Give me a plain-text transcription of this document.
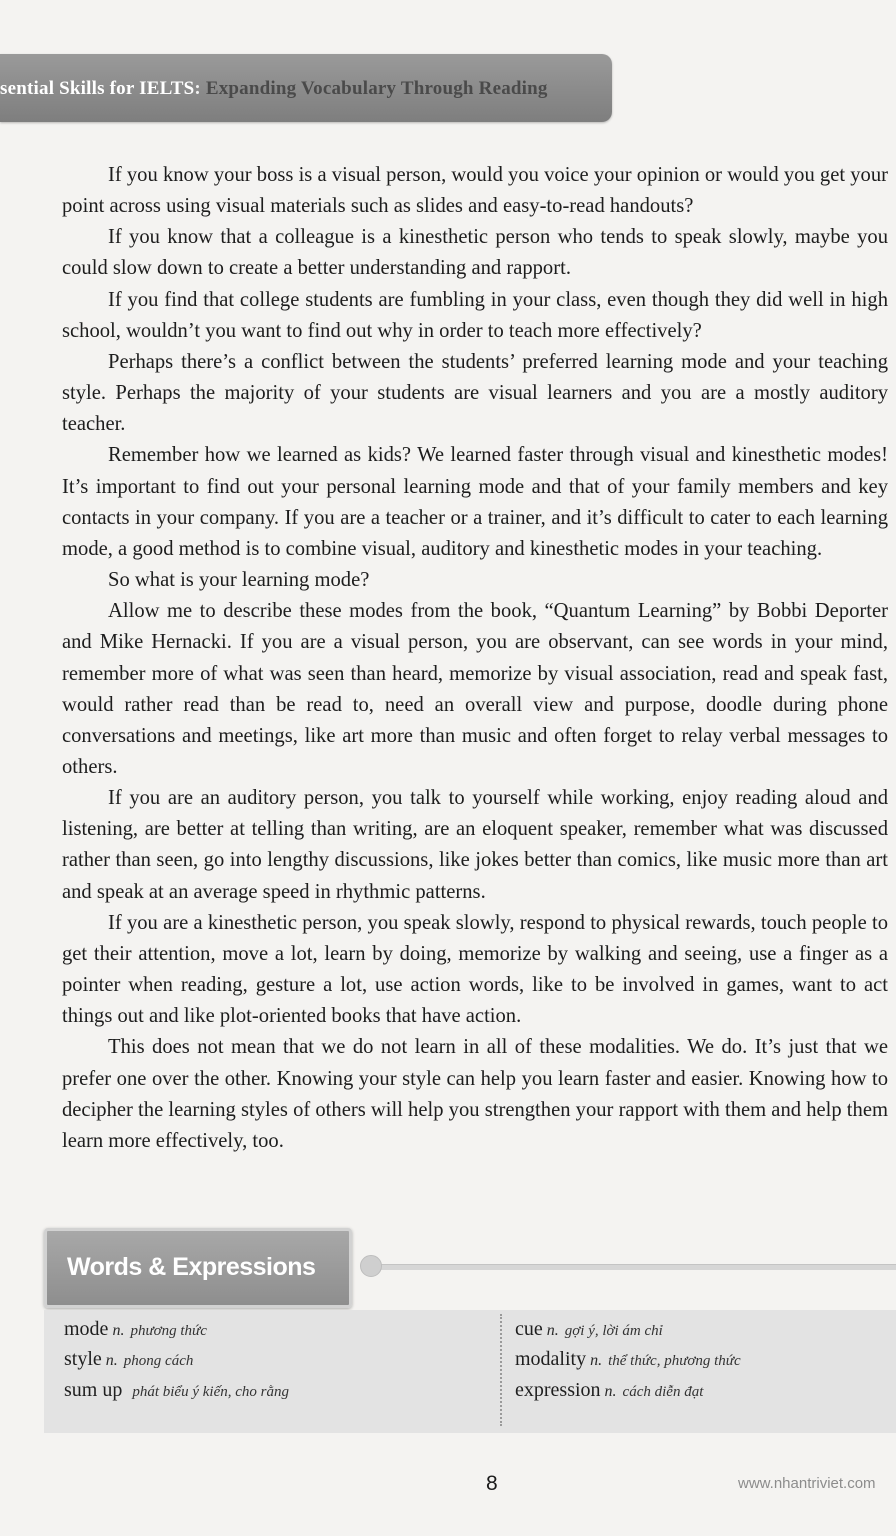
sential Skills for IELTS: Expanding Vocabulary Through Reading

If you know your boss is a visual person, would you voice your opinion or would you get your point across using visual materials such as slides and easy-to-read handouts?

If you know that a colleague is a kinesthetic person who tends to speak slowly, maybe you could slow down to create a better understanding and rapport.

If you find that college students are fumbling in your class, even though they did well in high school, wouldn’t you want to find out why in order to teach more effectively?

Perhaps there’s a conflict between the students’ preferred learning mode and your teaching style. Perhaps the majority of your students are visual learners and you are a mostly auditory teacher.

Remember how we learned as kids? We learned faster through visual and kinesthetic modes! It’s important to find out your personal learning mode and that of your family members and key contacts in your company. If you are a teacher or a trainer, and it’s difficult to cater to each learning mode, a good method is to combine visual, auditory and kinesthetic modes in your teaching.

So what is your learning mode?

Allow me to describe these modes from the book, “Quantum Learning” by Bobbi Deporter and Mike Hernacki. If you are a visual person, you are observant, can see words in your mind, remember more of what was seen than heard, memorize by visual association, read and speak fast, would rather read than be read to, need an overall view and purpose, doodle during phone conversations and meetings, like art more than music and often forget to relay verbal messages to others.

If you are an auditory person, you talk to yourself while working, enjoy reading aloud and listening, are better at telling than writing, are an eloquent speaker, remember what was discussed rather than seen, go into lengthy discussions, like jokes better than comics, like music more than art and speak at an average speed in rhythmic patterns.

If you are a kinesthetic person, you speak slowly, respond to physical rewards, touch people to get their attention, move a lot, learn by doing, memorize by walking and seeing, use a finger as a pointer when reading, gesture a lot, use action words, like to be involved in games, want to act things out and like plot-oriented books that have action.

This does not mean that we do not learn in all of these modalities. We do. It’s just that we prefer one over the other. Knowing your style can help you learn faster and easier. Knowing how to decipher the learning styles of others will help you strengthen your rapport with them and help them learn more effectively, too.

Words & Expressions
mode n. phương thức
style n. phong cách
sum up phát biểu ý kiến, cho rằng
cue n. gợi ý, lời ám chỉ
modality n. thể thức, phương thức
expression n. cách diễn đạt
8	www.nhantriviet.com
